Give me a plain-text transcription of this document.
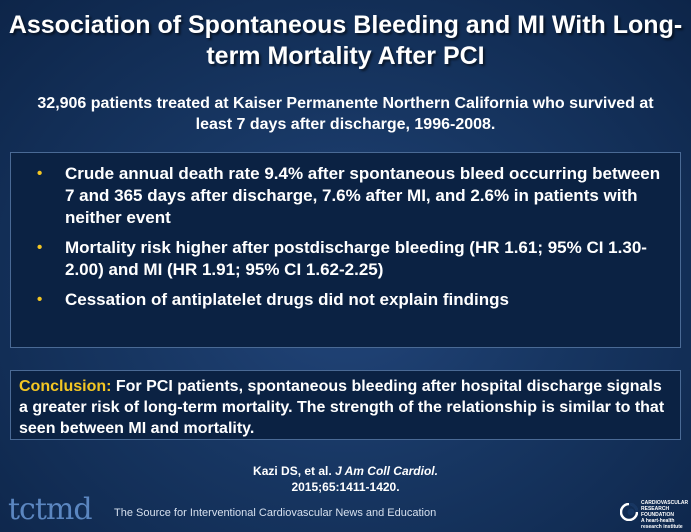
Association of Spontaneous Bleeding and MI With Long-term Mortality After PCI
32,906 patients treated at Kaiser Permanente Northern California who survived at least 7 days after discharge, 1996-2008.
• Crude annual death rate 9.4% after spontaneous bleed occurring between 7 and 365 days after discharge, 7.6% after MI, and 2.6% in patients with neither event
• Mortality risk higher after postdischarge bleeding (HR 1.61; 95% CI 1.30-2.00) and MI (HR 1.91; 95% CI 1.62-2.25)
• Cessation of antiplatelet drugs did not explain findings
Conclusion: For PCI patients, spontaneous bleeding after hospital discharge signals a greater risk of long-term mortality. The strength of the relationship is similar to that seen between MI and mortality.
Kazi DS, et al. J Am Coll Cardiol.
2015;65:1411-1420.
tctmd The Source for Interventional Cardiovascular News and Education
CARDIOVASCULAR RESEARCH FOUNDATION
A heart-health research institute
